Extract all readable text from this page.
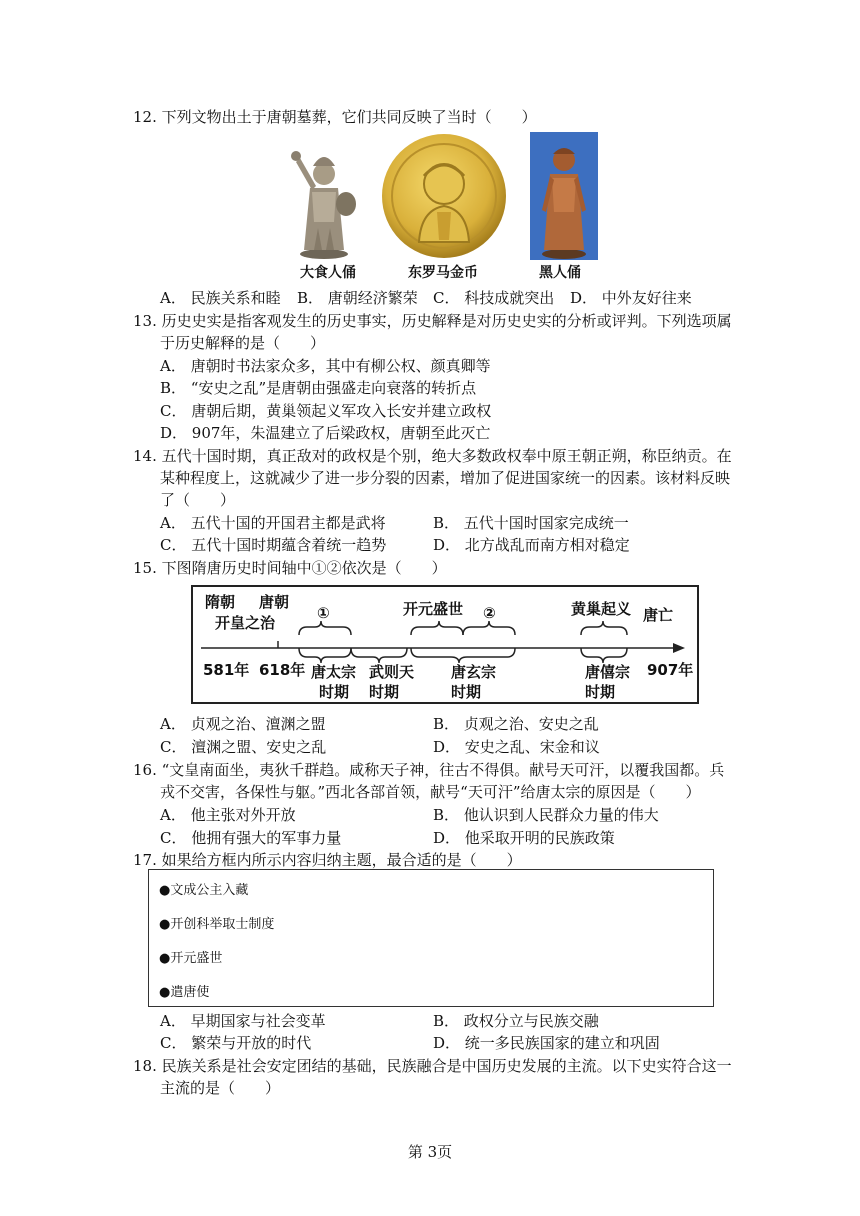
12. 下列文物出土于唐朝墓葬，它们共同反映了当时（　　）
大食人俑	东罗马金币	黑人俑
A． 民族关系和睦 B． 唐朝经济繁荣 C． 科技成就突出 D． 中外友好往来
13. 历史史实是指客观发生的历史事实，历史解释是对历史史实的分析或评判。下列选项属
于历史解释的是（　　）
A． 唐朝时书法家众多，其中有柳公权、颜真卿等
B． “安史之乱”是唐朝由强盛走向衰落的转折点
C． 唐朝后期，黄巢领起义军攻入长安并建立政权
D． 907年，朱温建立了后梁政权，唐朝至此灭亡
14. 五代十国时期，真正敌对的政权是个别，绝大多数政权奉中原王朝正朔，称臣纳贡。在
某种程度上，这就减少了进一步分裂的因素，增加了促进国家统一的因素。该材料反映
了（　　）
A． 五代十国的开国君主都是武将	B． 五代十国时国家完成统一
C． 五代十国时期蕴含着统一趋势	D． 北方战乱而南方相对稳定
15. 下图隋唐历史时间轴中①②依次是（　　）
隋朝
开皇之治
唐朝
①	开元盛世 ②	黄巢起义 唐亡
581年 618年 唐太宗
时期
武则天
时期
唐玄宗
时期
唐僖宗
时期
907年
A． 贞观之治、澶渊之盟	B． 贞观之治、安史之乱
C． 澶渊之盟、安史之乱	D． 安史之乱、宋金和议
16. “文皇南面坐，夷狄千群趋。咸称天子神，往古不得俱。献号天可汗，以覆我国都。兵
戎不交害，各保性与躯。”西北各部首领，献号“天可汗”给唐太宗的原因是（　　）
A． 他主张对外开放	B． 他认识到人民群众力量的伟大
C． 他拥有强大的军事力量	D． 他采取开明的民族政策
17. 如果给方框内所示内容归纳主题，最合适的是（　　）
●文成公主入藏
●开创科举取士制度
●开元盛世
●遣唐使
A． 早期国家与社会变革	B． 政权分立与民族交融
C． 繁荣与开放的时代	D． 统一多民族国家的建立和巩固
18. 民族关系是社会安定团结的基础，民族融合是中国历史发展的主流。以下史实符合这一
主流的是（　　）
第 3页
